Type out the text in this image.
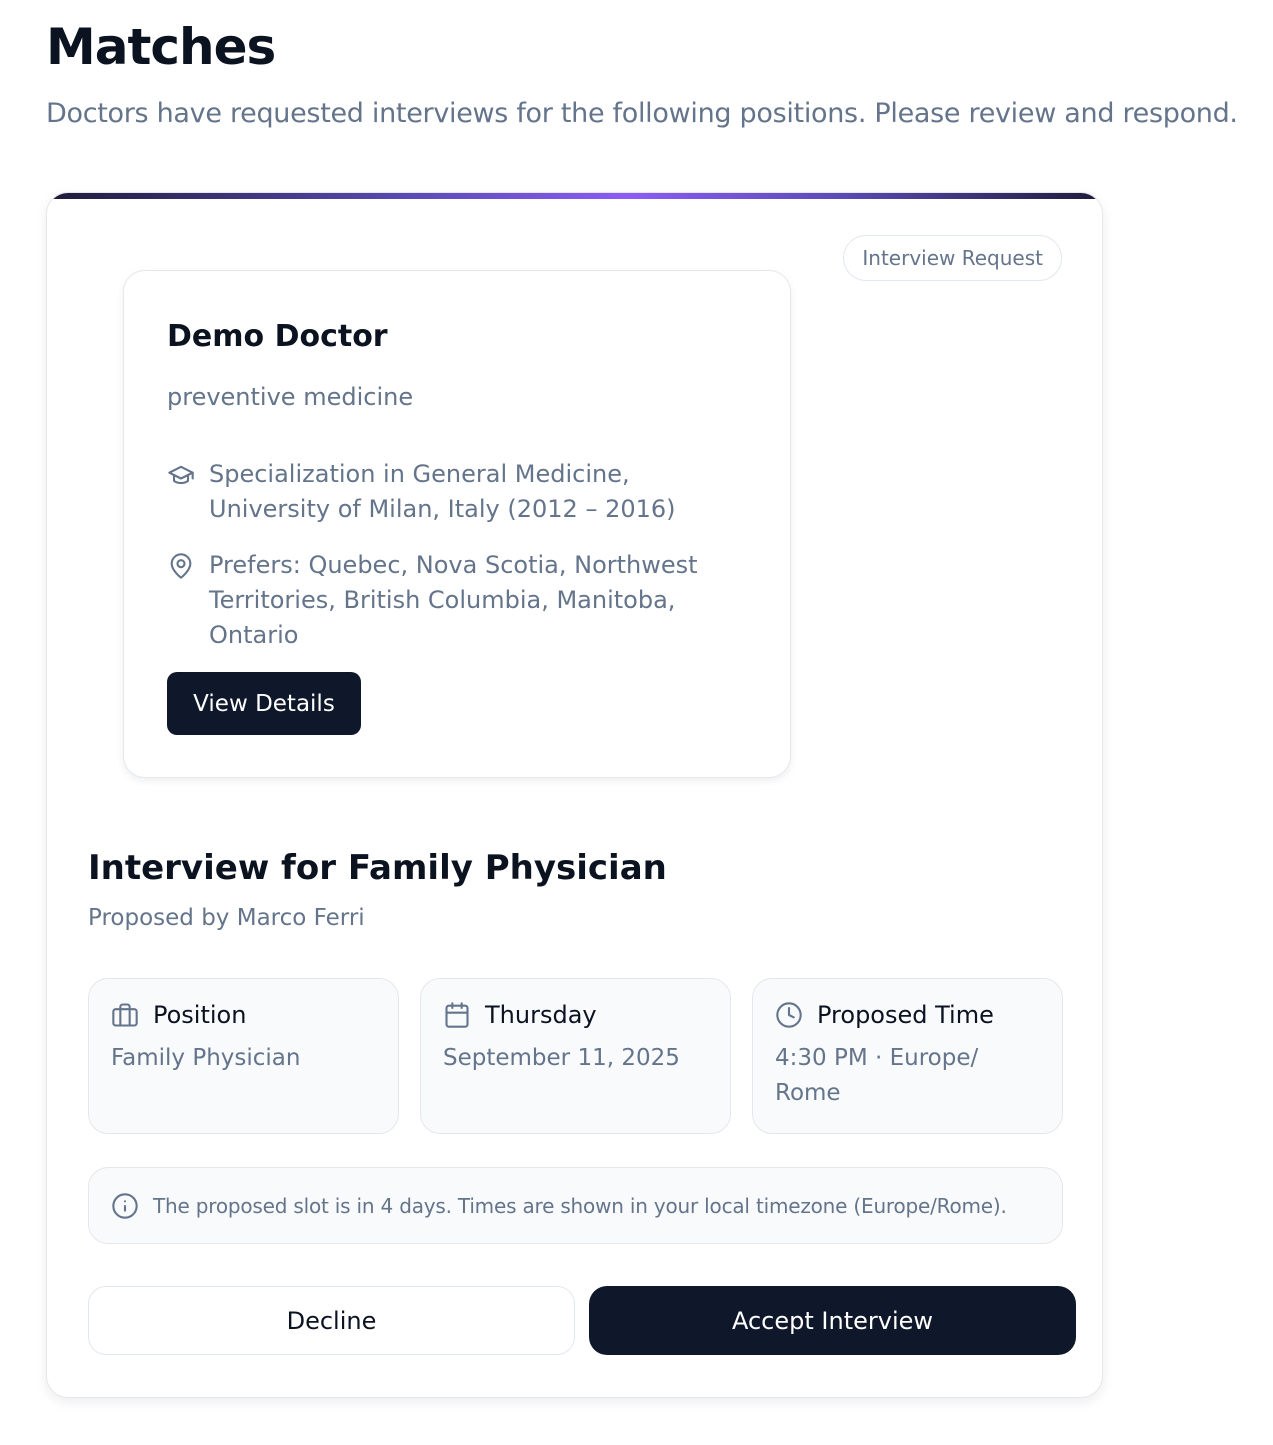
Matches

Doctors have requested interviews for the following positions. Please review and respond.

Interview Request
Demo Doctor
preventive medicine
Specialization in General Medicine, University of Milan, Italy (2012 – 2016)
Prefers: Quebec, Nova Scotia, Northwest Territories, British Columbia, Manitoba, Ontario
View Details
Interview for Family Physician
Proposed by Marco Ferri
Position
Family Physician
Thursday
September 11, 2025
Proposed Time
4:30 PM · Europe/ Rome
The proposed slot is in 4 days. Times are shown in your local timezone (Europe/Rome).
Decline	Accept Interview
